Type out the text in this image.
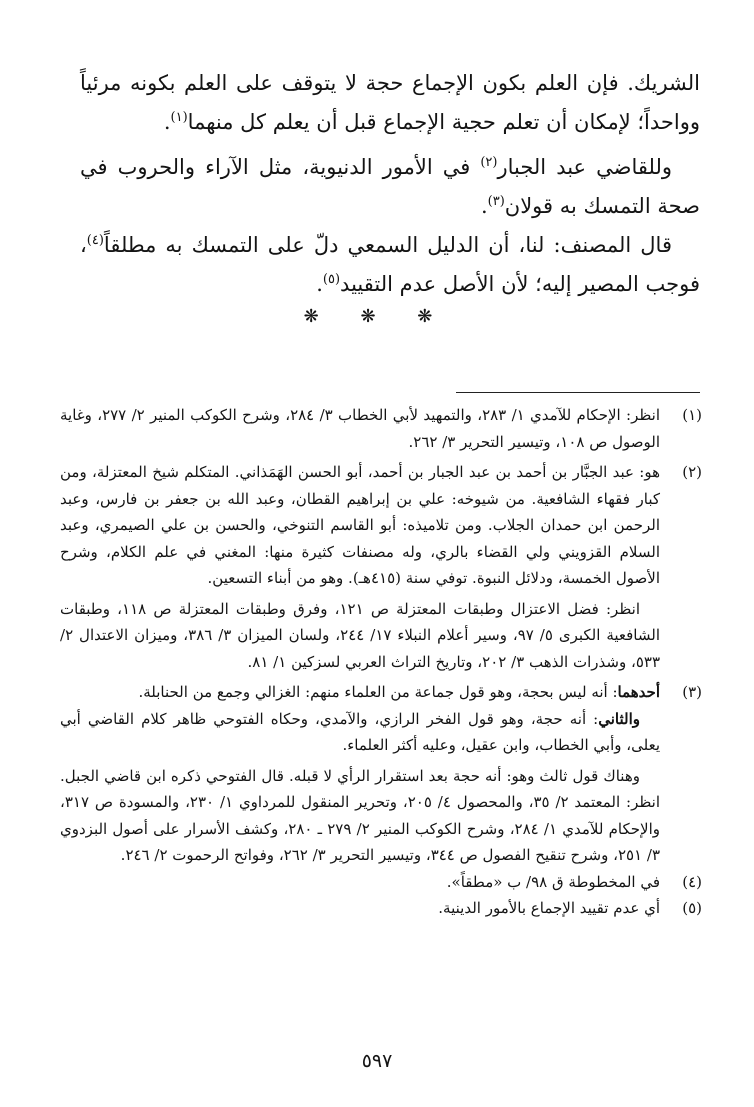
الشريك. فإن العلم بكون الإجماع حجة لا يتوقف على العلم بكونه مرئياً وواحداً؛ لإمكان أن تعلم حجية الإجماع قبل أن يعلم كل منهما$^{(١)}$.

وللقاضي عبد الجبار$^{(٢)}$ في الأمور الدنيوية، مثل الآراء والحروب في صحة التمسك به قولان$^{(٣)}$.

قال المصنف: لنا، أن الدليل السمعي دلّ على التمسك به مطلقاً$^{(٤)}$، فوجب المصير إليه؛ لأن الأصل عدم التقييد$^{(٥)}$.

❋ ❋ ❋

(١)
انظر: الإحكام للآمدي ١/ ٢٨٣، والتمهيد لأبي الخطاب ٣/ ٢٨٤، وشرح الكوكب المنير ٢/ ٢٧٧، وغاية الوصول ص ١٠٨، وتيسير التحرير ٣/ ٢٦٢.

(٢)
هو: عبد الجبَّار بن أحمد بن عبد الجبار بن أحمد، أبو الحسن الهَمَذاني. المتكلم شيخ المعتزلة، ومن كبار فقهاء الشافعية. من شيوخه: علي بن إبراهيم القطان، وعبد الله بن جعفر بن فارس، وعبد الرحمن ابن حمدان الجلاب. ومن تلاميذه: أبو القاسم التنوخي، والحسن بن علي الصيمري، وعبد السلام القزويني ولي القضاء بالري، وله مصنفات كثيرة منها: المغني في علم الكلام، وشرح الأصول الخمسة، ودلائل النبوة. توفي سنة (٤١٥هـ). وهو من أبناء التسعين.

انظر: فضل الاعتزال وطبقات المعتزلة ص ١٢١، وفرق وطبقات المعتزلة ص ١١٨، وطبقات الشافعية الكبرى ٥/ ٩٧، وسير أعلام النبلاء ١٧/ ٢٤٤، ولسان الميزان ٣/ ٣٨٦، وميزان الاعتدال ٢/ ٥٣٣، وشذرات الذهب ٣/ ٢٠٢، وتاريخ التراث العربي لسزكين ١/ ٨١.

(٣)
أحدهما: أنه ليس بحجة، وهو قول جماعة من العلماء منهم: الغزالي وجمع من الحنابلة.

والثاني: أنه حجة، وهو قول الفخر الرازي، والآمدي، وحكاه الفتوحي ظاهر كلام القاضي أبي يعلى، وأبي الخطاب، وابن عقيل، وعليه أكثر العلماء.

وهناك قول ثالث وهو: أنه حجة بعد استقرار الرأي لا قبله. قال الفتوحي ذكره ابن قاضي الجبل. انظر: المعتمد ٢/ ٣٥، والمحصول ٤/ ٢٠٥، وتحرير المنقول للمرداوي ١/ ٢٣٠، والمسودة ص ٣١٧، والإحكام للآمدي ١/ ٢٨٤، وشرح الكوكب المنير ٢/ ٢٧٩ ـ ٢٨٠، وكشف الأسرار على أصول البزدوي ٣/ ٢٥١، وشرح تنقيح الفصول ص ٣٤٤، وتيسير التحرير ٣/ ٢٦٢، وفواتح الرحموت ٢/ ٢٤٦.

(٤)
في المخطوطة ق ٩٨/ ب «مطقاً».

(٥)
أي عدم تقييد الإجماع بالأمور الدينية.

٥٩٧
